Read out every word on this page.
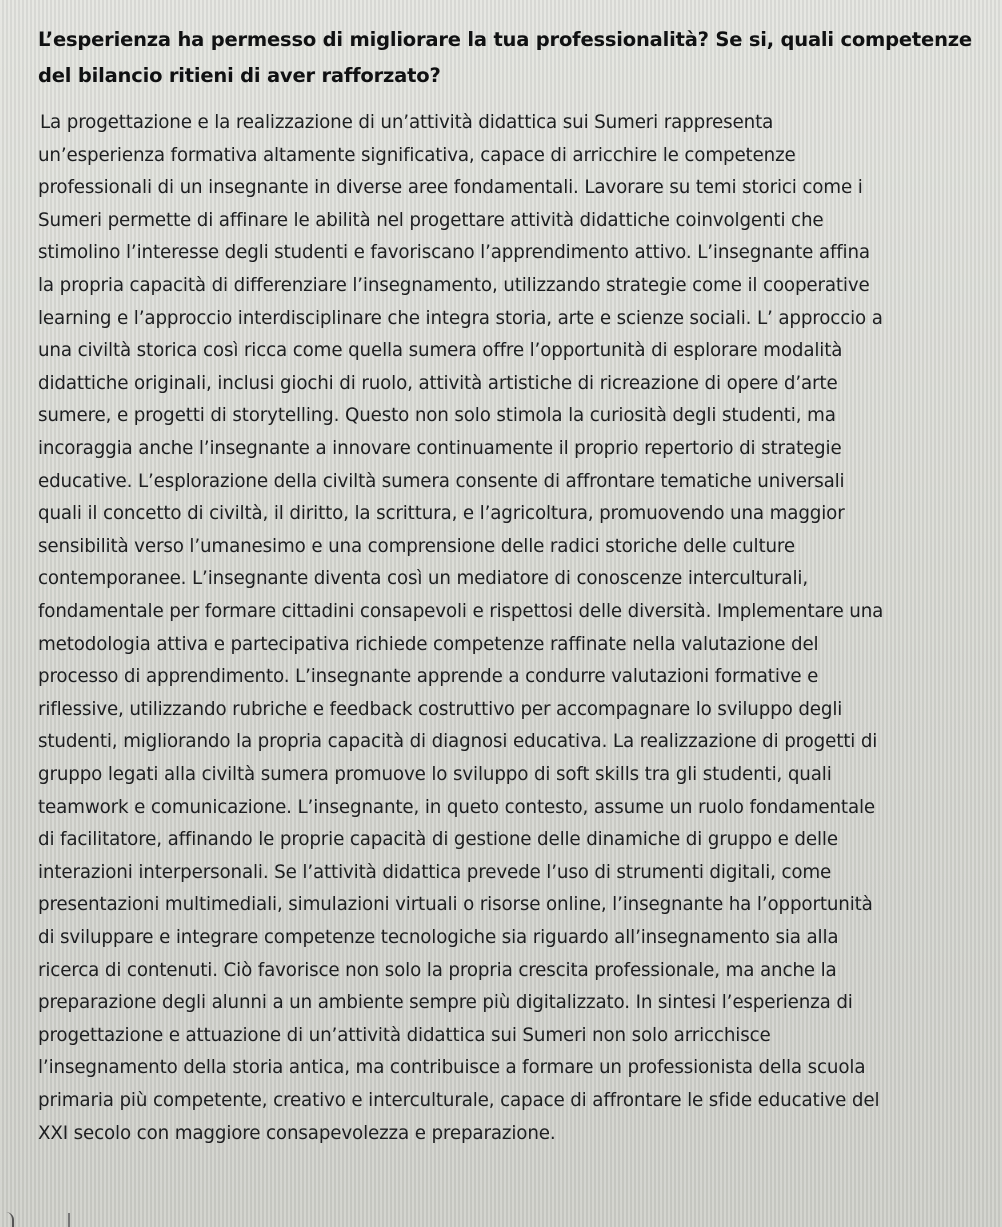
L’esperienza ha permesso di migliorare la tua professionalità? Se si, quali competenze del bilancio ritieni di aver rafforzato?
La progettazione e la realizzazione di un’attività didattica sui Sumeri rappresenta
un’esperienza formativa altamente significativa, capace di arricchire le competenze
professionali di un insegnante in diverse aree fondamentali. Lavorare su temi storici come i
Sumeri permette di affinare le abilità nel progettare attività didattiche coinvolgenti che
stimolino l’interesse degli studenti e favoriscano l’apprendimento attivo. L’insegnante affina
la propria capacità di differenziare l’insegnamento, utilizzando strategie come il cooperative
learning e l’approccio interdisciplinare che integra storia, arte e scienze sociali. L’ approccio a
una civiltà storica così ricca come quella sumera offre l’opportunità di esplorare modalità
didattiche originali, inclusi giochi di ruolo, attività artistiche di ricreazione di opere d’arte
sumere, e progetti di storytelling. Questo non solo stimola la curiosità degli studenti, ma
incoraggia anche l’insegnante a innovare continuamente il proprio repertorio di strategie
educative. L’esplorazione della civiltà sumera consente di affrontare tematiche universali
quali il concetto di civiltà, il diritto, la scrittura, e l’agricoltura, promuovendo una maggior
sensibilità verso l’umanesimo e una comprensione delle radici storiche delle culture
contemporanee. L’insegnante diventa così un mediatore di conoscenze interculturali,
fondamentale per formare cittadini consapevoli e rispettosi delle diversità. Implementare una
metodologia attiva e partecipativa richiede competenze raffinate nella valutazione del
processo di apprendimento. L’insegnante apprende a condurre valutazioni formative e
riflessive, utilizzando rubriche e feedback costruttivo per accompagnare lo sviluppo degli
studenti, migliorando la propria capacità di diagnosi educativa. La realizzazione di progetti di
gruppo legati alla civiltà sumera promuove lo sviluppo di soft skills tra gli studenti, quali
teamwork e comunicazione. L’insegnante, in queto contesto, assume un ruolo fondamentale
di facilitatore, affinando le proprie capacità di gestione delle dinamiche di gruppo e delle
interazioni interpersonali. Se l’attività didattica prevede l’uso di strumenti digitali, come
presentazioni multimediali, simulazioni virtuali o risorse online, l’insegnante ha l’opportunità
di sviluppare e integrare competenze tecnologiche sia riguardo all’insegnamento sia alla
ricerca di contenuti. Ciò favorisce non solo la propria crescita professionale, ma anche la
preparazione degli alunni a un ambiente sempre più digitalizzato. In sintesi l’esperienza di
progettazione e attuazione di un’attività didattica sui Sumeri non solo arricchisce
l’insegnamento della storia antica, ma contribuisce a formare un professionista della scuola
primaria più competente, creativo e interculturale, capace di affrontare le sfide educative del
XXI secolo con maggiore consapevolezza e preparazione.
